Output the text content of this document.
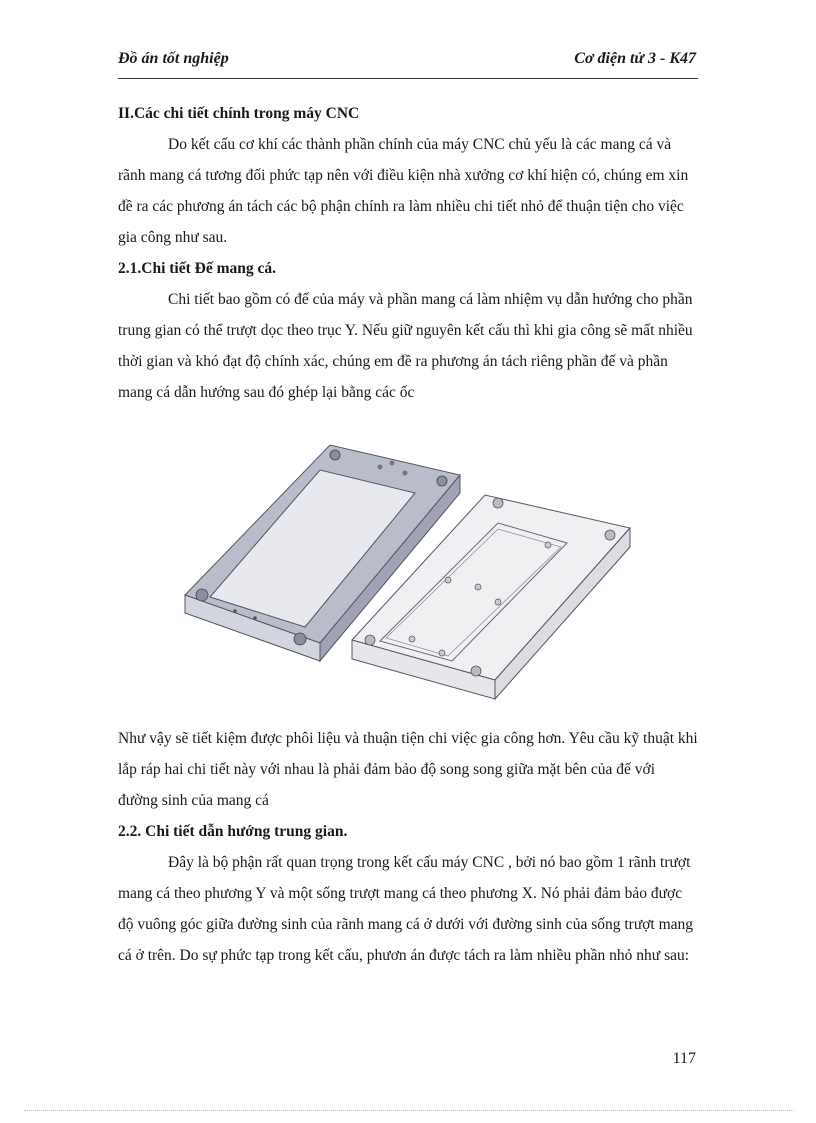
Đồ án tốt nghiệp	Cơ điện tử 3 - K47

II.Các chi tiết chính trong máy CNC

Do kết cấu cơ khí các thành phần chính của máy CNC chủ yếu là các mang cá và rãnh mang cá tương đối phức tạp nên với điều kiện nhà xưởng cơ khí hiện có, chúng em xin đề ra các phương án tách các bộ phận chính ra làm nhiều chi tiết nhỏ để thuận tiện cho việc gia công như sau.

2.1.Chi tiết Đế mang cá.

Chi tiết bao gồm có đế của máy và phần mang cá làm nhiệm vụ dẫn hướng cho phần trung gian có thể trượt dọc theo trục Y. Nếu giữ nguyên kết cấu thì khi gia công sẽ mất nhiều thời gian và khó đạt độ chính xác, chúng em đề ra phương án tách riêng phần đế và phần mang cá dẫn hướng sau đó ghép lại bằng các ốc

Như vậy sẽ tiết kiệm được phôi liệu và thuận tiện chi việc gia công hơn. Yêu cầu kỹ thuật khi lắp ráp hai chi tiết này với nhau là phải đảm bảo độ song song giữa mặt bên của đế với đường sinh của mang cá

2.2. Chi tiết dẫn hướng trung gian.

Đây là bộ phận rất quan trọng trong kết cấu máy CNC , bởi nó bao gồm 1 rãnh trượt mang cá theo phương Y và một sống trượt mang cá theo phương X. Nó phải đảm bảo được độ vuông góc giữa đường sinh của rãnh mang cá ở dưới với đường sinh của sống trượt mang cá ở trên. Do sự phức tạp trong kết cấu, phươn án được tách ra làm nhiều phần nhỏ như sau:

117
